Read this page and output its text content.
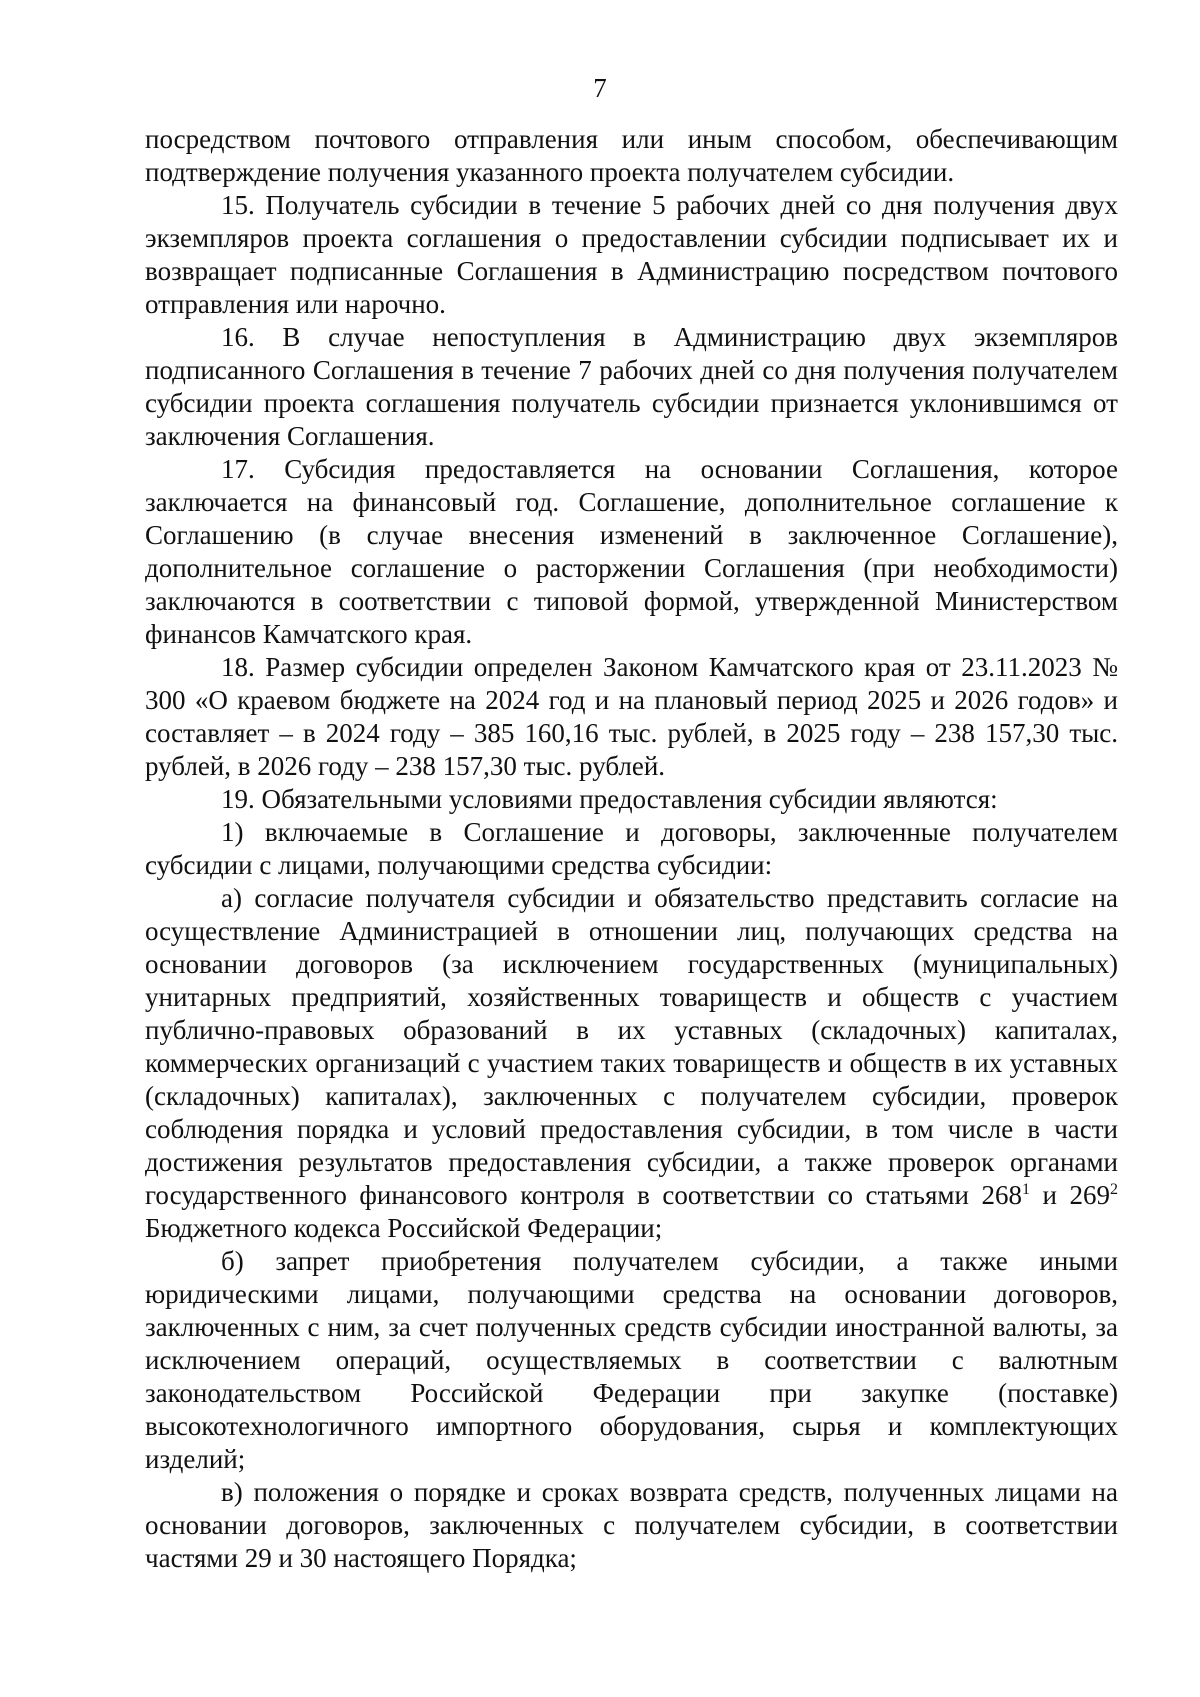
7

посредством почтового отправления или иным способом, обеспечивающим подтверждение получения указанного проекта получателем субсидии.

15. Получатель субсидии в течение 5 рабочих дней со дня получения двух экземпляров проекта соглашения о предоставлении субсидии подписывает их и возвращает подписанные Соглашения в Администрацию посредством почтового отправления или нарочно.

16. В случае непоступления в Администрацию двух экземпляров подписанного Соглашения в течение 7 рабочих дней со дня получения получателем субсидии проекта соглашения получатель субсидии признается уклонившимся от заключения Соглашения.

17. Субсидия предоставляется на основании Соглашения, которое заключается на финансовый год. Соглашение, дополнительное соглашение к Соглашению (в случае внесения изменений в заключенное Соглашение), дополнительное соглашение о расторжении Соглашения (при необходимости) заключаются в соответствии с типовой формой, утвержденной Министерством финансов Камчатского края.

18. Размер субсидии определен Законом Камчатского края от 23.11.2023 № 300 «О краевом бюджете на 2024 год и на плановый период 2025 и 2026 годов» и составляет – в 2024 году – 385 160,16 тыс. рублей, в 2025 году – 238 157,30 тыс. рублей, в 2026 году – 238 157,30 тыс. рублей.

19. Обязательными условиями предоставления субсидии являются:

1) включаемые в Соглашение и договоры, заключенные получателем субсидии с лицами, получающими средства субсидии:

а) согласие получателя субсидии и обязательство представить согласие на осуществление Администрацией в отношении лиц, получающих средства на основании договоров (за исключением государственных (муниципальных) унитарных предприятий, хозяйственных товариществ и обществ с участием публично-правовых образований в их уставных (складочных) капиталах, коммерческих организаций с участием таких товариществ и обществ в их уставных (складочных) капиталах), заключенных с получателем субсидии, проверок соблюдения порядка и условий предоставления субсидии, в том числе в части достижения результатов предоставления субсидии, а также проверок органами государственного финансового контроля в соответствии со статьями $268^1$ и $269^2$ Бюджетного кодекса Российской Федерации;

б) запрет приобретения получателем субсидии, а также иными юридическими лицами, получающими средства на основании договоров, заключенных с ним, за счет полученных средств субсидии иностранной валюты, за исключением операций, осуществляемых в соответствии с валютным законодательством Российской Федерации при закупке (поставке) высокотехнологичного импортного оборудования, сырья и комплектующих изделий;

в) положения о порядке и сроках возврата средств, полученных лицами на основании договоров, заключенных с получателем субсидии, в соответствии частями 29 и 30 настоящего Порядка;
